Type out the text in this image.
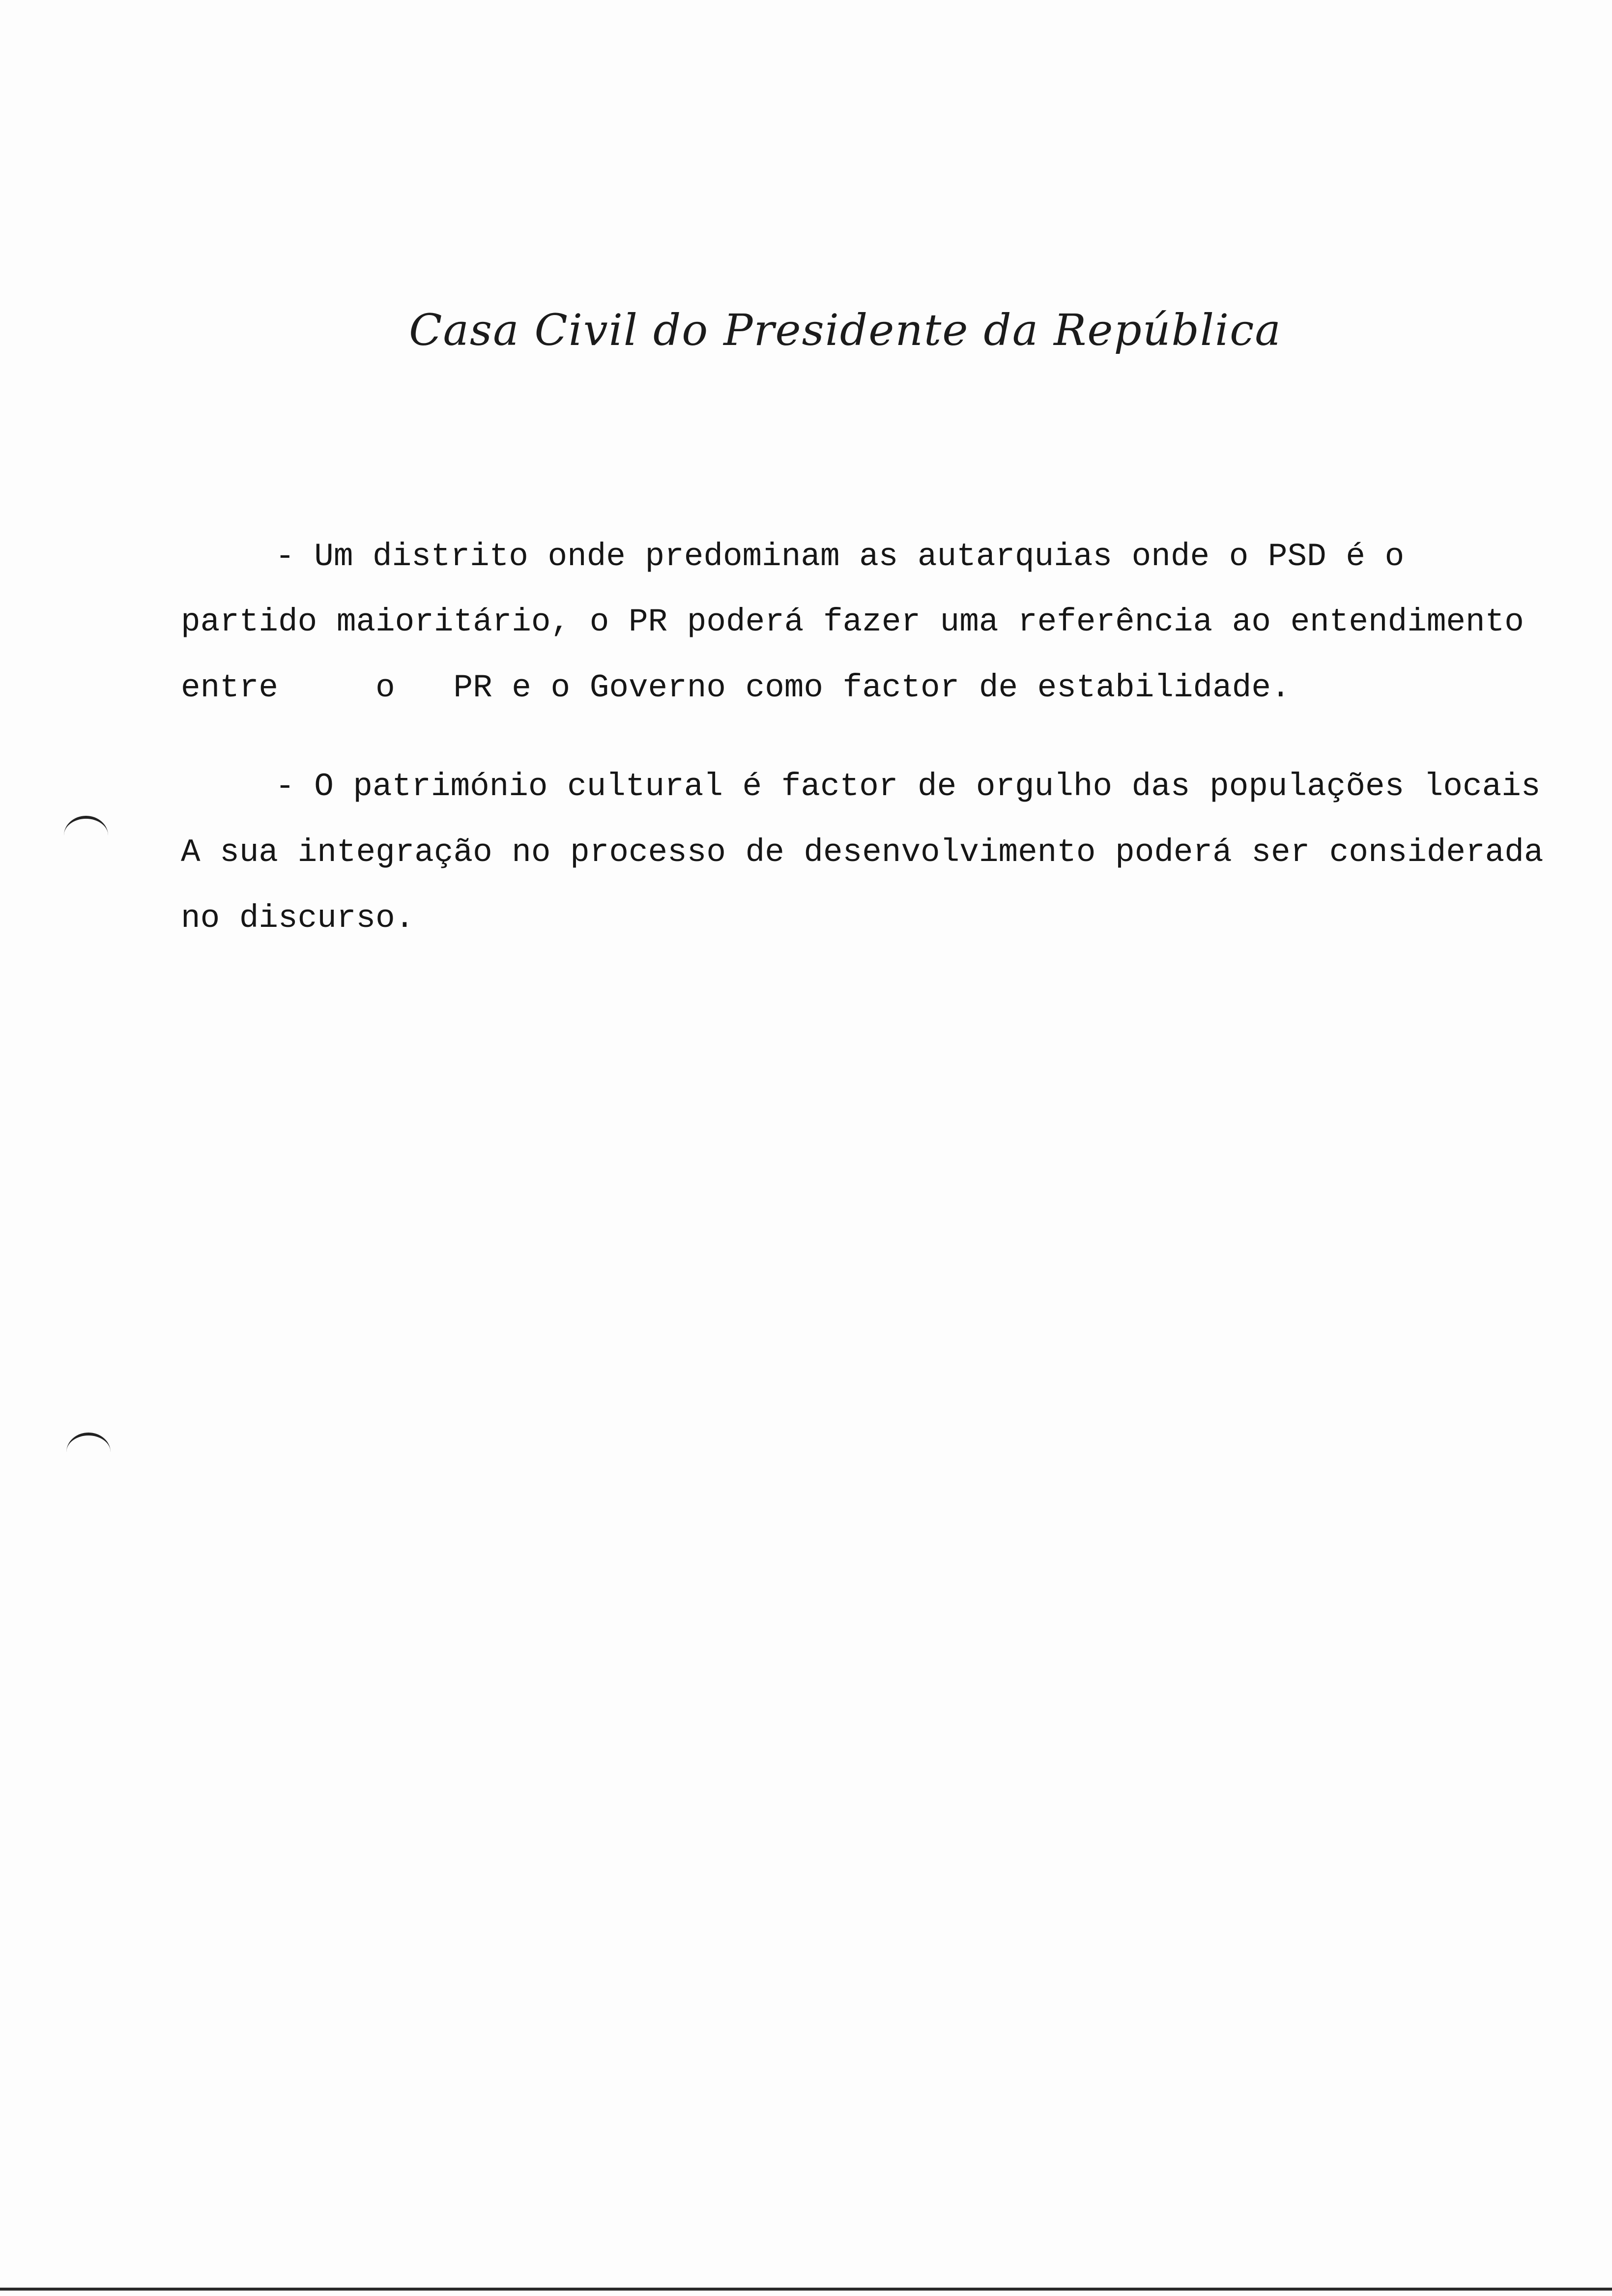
Casa Civil do Presidente da República
- Um distrito onde predominam as autarquias onde o PSD é o
partido maioritário, o PR poderá fazer uma referência ao entendimento
entre     o   PR e o Governo como factor de estabilidade.
- O património cultural é factor de orgulho das populações locais
A sua integração no processo de desenvolvimento poderá ser considerada
no discurso.
